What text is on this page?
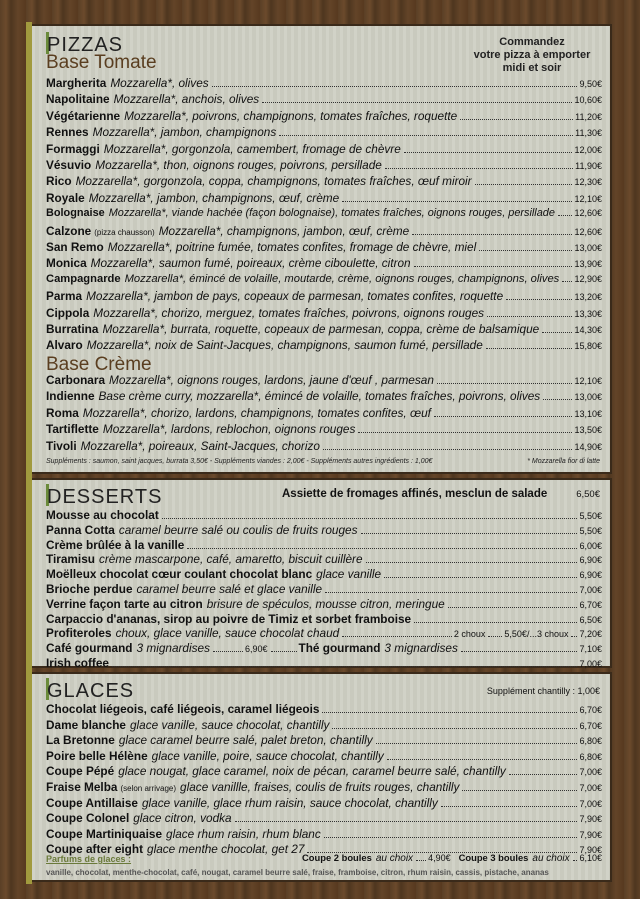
PIZZAS
Base Tomate
Commandez
votre pizza à emporter
midi et soir
Margherita Mozzarella*, olives	9,50€
Napolitaine Mozzarella*, anchois, olives	10,60€
Végétarienne Mozzarella*, poivrons, champignons, tomates fraîches, roquette	11,20€
Rennes Mozzarella*, jambon, champignons	11,30€
Formaggi Mozzarella*, gorgonzola, camembert, fromage de chèvre	12,00€
Vésuvio Mozzarella*, thon, oignons rouges, poivrons, persillade	11,90€
Rico Mozzarella*, gorgonzola, coppa, champignons, tomates fraîches, œuf miroir	12,30€
Royale Mozzarella*, jambon, champignons, œuf, crème	12,10€
Bolognaise Mozzarella*, viande hachée (façon bolognaise), tomates fraîches, oignons rouges, persillade 12,60€
Calzone (pizza chausson) Mozzarella*, champignons, jambon, œuf, crème	12,60€
San Remo Mozzarella*, poitrine fumée, tomates confites, fromage de chèvre, miel	13,00€
Monica Mozzarella*, saumon fumé, poireaux, crème ciboulette, citron	13,90€
Campagnarde Mozzarella*, émincé de volaille, moutarde, crème, oignons rouges, champignons, olives 12,90€
Parma Mozzarella*, jambon de pays, copeaux de parmesan, tomates confites, roquette	13,20€
Cippola Mozzarella*, chorizo, merguez, tomates fraîches, poivrons, oignons rouges	13,30€
Burratina Mozzarella*, burrata, roquette, copeaux de parmesan, coppa, crème de balsamique	14,30€
Alvaro Mozzarella*, noix de Saint-Jacques, champignons, saumon fumé, persillade	15,80€
Base Crème
Carbonara Mozzarella*, oignons rouges, lardons, jaune d'œuf , parmesan	12,10€
Indienne Base crème curry, mozzarella*, émincé de volaille, tomates fraîches, poivrons, olives	13,00€
Roma Mozzarella*, chorizo, lardons, champignons, tomates confites, œuf	13,10€
Tartiflette Mozzarella*, lardons, reblochon, oignons rouges	13,50€
Tivoli Mozzarella*, poireaux, Saint-Jacques, chorizo	14,90€
Suppléments : saumon, saint jacques, burrata 3,50€ - Suppléments viandes : 2,00€ - Suppléments autres ingrédients : 1,00€	* Mozzarella fior di latte
DESSERTS	Assiette de fromages affinés, mesclun de salade	6,50€
Mousse au chocolat	5,50€
Panna Cotta caramel beurre salé ou coulis de fruits rouges	5,50€
Crème brûlée à la vanille	6,00€
Tiramisu crème mascarpone, café, amaretto, biscuit cuillère	6,90€
Moëlleux chocolat cœur coulant chocolat blanc glace vanille	6,90€
Brioche perdue caramel beurre salé et glace vanille	7,00€
Verrine façon tarte au citron brisure de spéculos, mousse citron, meringue	6,70€
Carpaccio d'ananas, sirop au poivre de Timiz et sorbet framboise	6,50€
Profiteroles choux, glace vanille, sauce chocolat chaud	2 choux 5,50€ /...3 choux 7,20€
Café gourmand 3 mignardises	6,90€	Thé gourmand 3 mignardises	7,10€
Irish coffee	7,00€
GLACES	Supplément chantilly : 1,00€
Chocolat liégeois, café liégeois, caramel liégeois	6,70€
Dame blanche glace vanille, sauce chocolat, chantilly	6,70€
La Bretonne glace caramel beurre salé, palet breton, chantilly	6,80€
Poire belle Hélène glace vanille, poire, sauce chocolat, chantilly	6,80€
Coupe Pépé glace nougat, glace caramel, noix de pécan, caramel beurre salé, chantilly	7,00€
Fraise Melba (selon arrivage) glace vanillle, fraises, coulis de fruits rouges, chantilly	7,00€
Coupe Antillaise glace vanille, glace rhum raisin, sauce chocolat, chantilly	7,00€
Coupe Colonel glace citron, vodka	7,90€
Coupe Martiniquaise glace rhum raisin, rhum blanc	7,90€
Coupe after eight glace menthe chocolat, get 27	7,90€
Parfums de glaces :	Coupe 2 boules au choix 4,90€ Coupe 3 boules au choix 6,10€
vanille, chocolat, menthe-chocolat, café, nougat, caramel beurre salé, fraise, framboise, citron, rhum raisin, cassis, pistache, ananas
